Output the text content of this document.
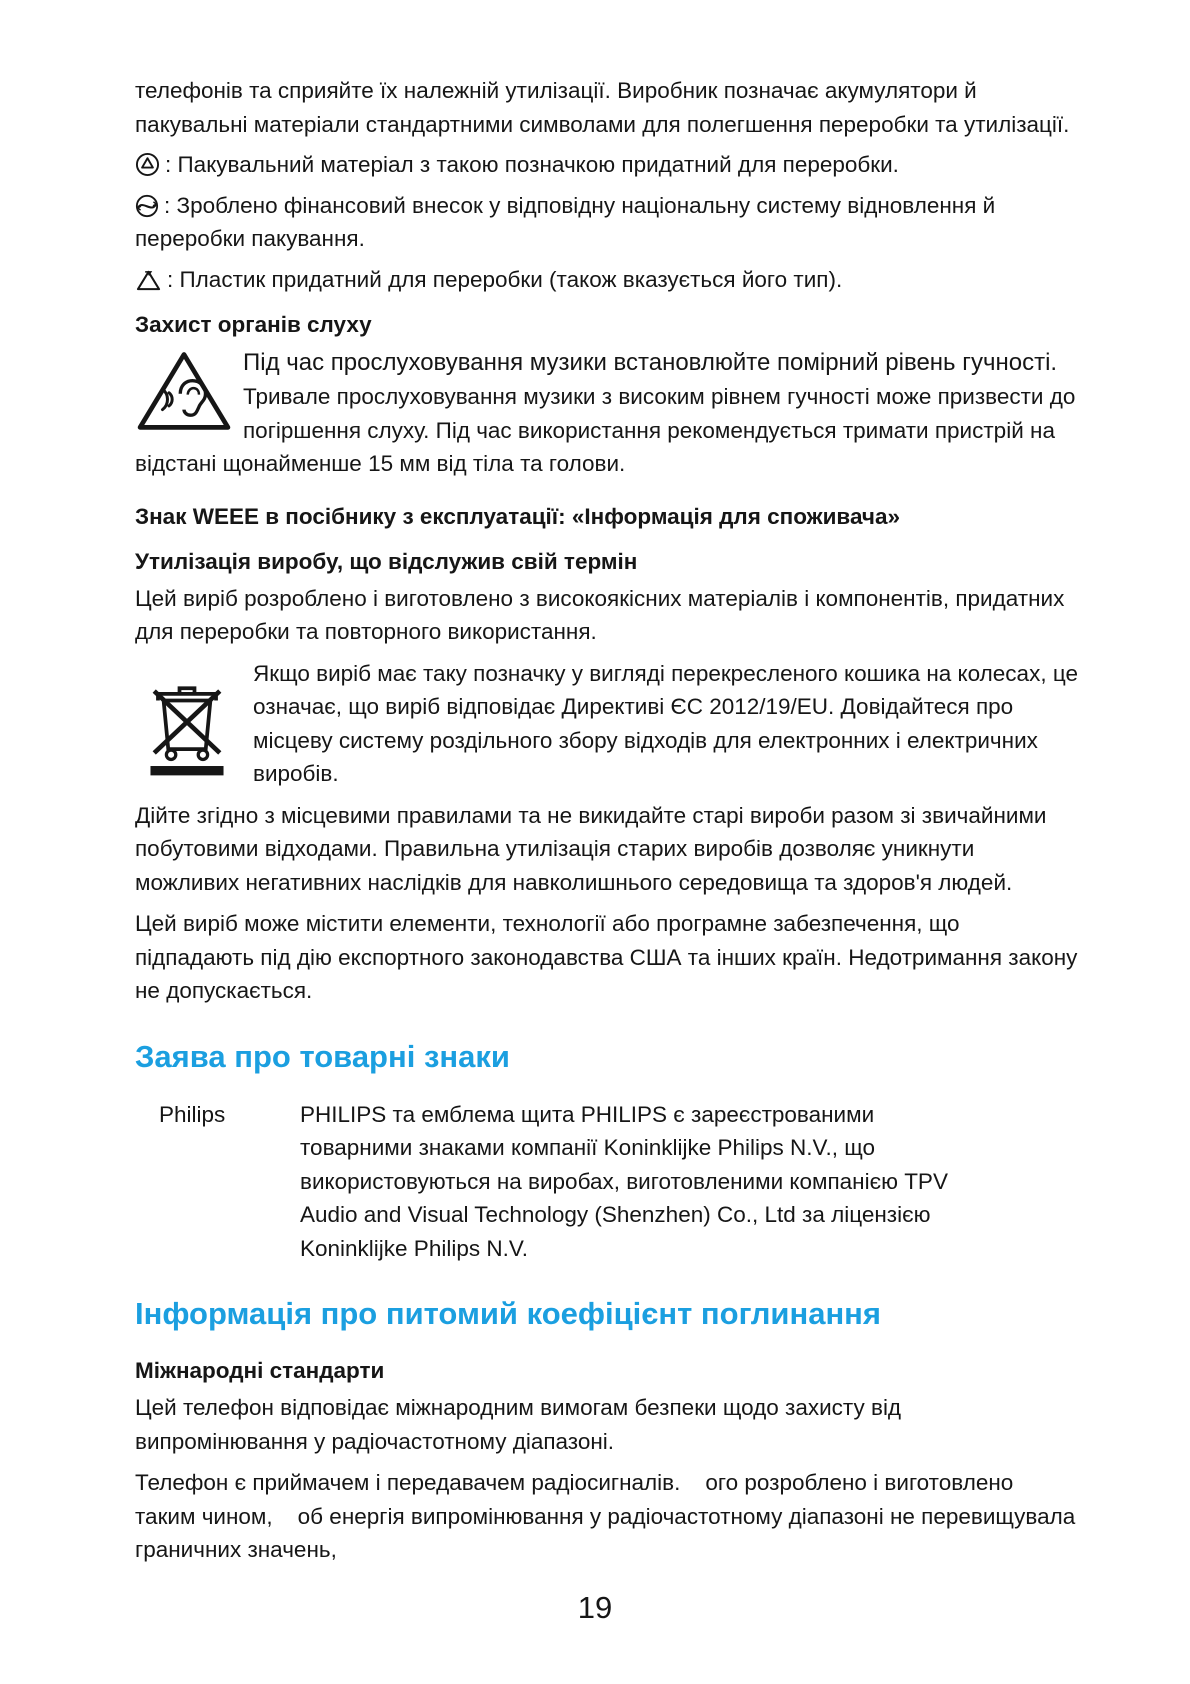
телефонів та сприяйте їх належній утилізації. Виробник позначає акумулятори й пакувальні матеріали стандартними символами для полегшення переробки та утилізації.

: Пакувальний матеріал з такою позначкою придатний для переробки.

: Зроблено фінансовий внесок у відповідну національну систему відновлення й переробки пакування.

: Пластик придатний для переробки (також вказується його тип).

Захист органів слуху

Під час прослуховування музики встановлюйте помірний рівень гучності.

Тривале прослуховування музики з високим рівнем гучності може призвести до погіршення слуху. Під час використання рекомендується тримати пристрій на відстані щонайменше 15 мм від тіла та голови.

Знак WEEE в посібнику з експлуатації: «Інформація для споживача»
Утилізація виробу, що відслужив свій термін

Цей виріб розроблено і виготовлено з високоякісних матеріалів і компонентів, придатних для переробки та повторного використання.

Якщо виріб має таку позначку у вигляді перекресленого кошика на колесах, це означає, що виріб відповідає Директиві ЄС 2012/19/EU. Довідайтеся про місцеву систему роздільного збору відходів для електронних і електричних виробів.

Дійте згідно з місцевими правилами та не викидайте старі вироби разом зі звичайними побутовими відходами. Правильна утилізація старих виробів дозволяє уникнути можливих негативних наслідків для навколишнього середовища та здоров'я людей.

Цей виріб може містити елементи, технології або програмне забезпечення, що підпадають під дію експортного законодавства США та інших країн. Недотримання закону не допускається.

Заява про товарні знаки
Philips	PHILIPS та емблема щита PHILIPS є зареєстрованими товарними знаками компанії Koninklijke Philips N.V., що використовуються на виробах, виготовленими компанією TPV Audio and Visual Technology (Shenzhen) Co., Ltd за ліцензією Koninklijke Philips N.V.

Інформація про питомий коефіцієнт поглинання
Міжнародні стандарти

Цей телефон відповідає міжнародним вимогам безпеки щодо захисту від випромінювання у радіочастотному діапазоні.

Телефон є приймачем і передавачем радіосигналів.    ого розроблено і виготовлено таким чином,    об енергія випромінювання у радіочастотному діапазоні не перевищувала граничних значень,

19
